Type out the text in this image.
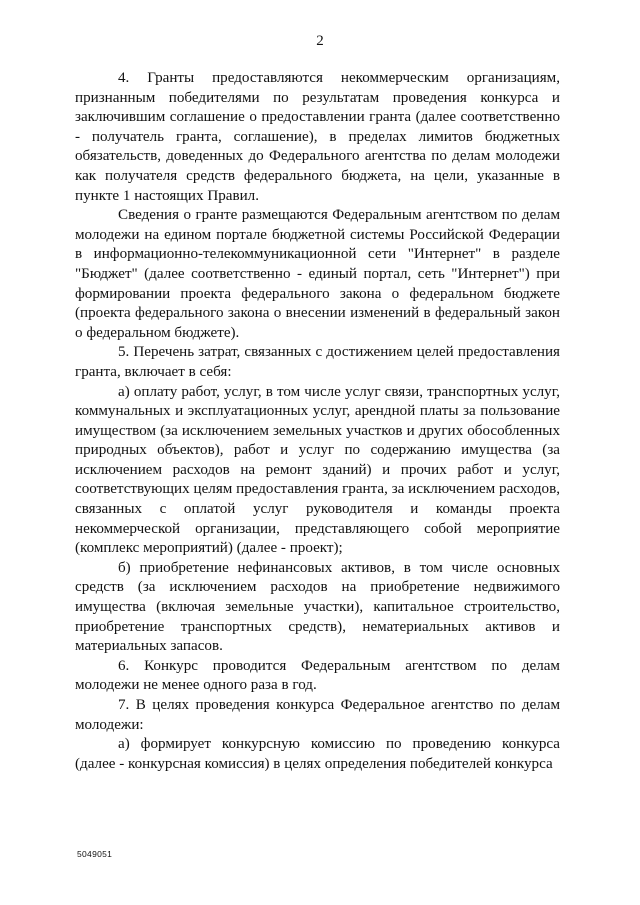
2

4. Гранты предоставляются некоммерческим организациям, признанным победителями по результатам проведения конкурса и заключившим соглашение о предоставлении гранта (далее соответственно - получатель гранта, соглашение), в пределах лимитов бюджетных обязательств, доведенных до Федерального агентства по делам молодежи как получателя средств федерального бюджета, на цели, указанные в пункте 1 настоящих Правил.

Сведения о гранте размещаются Федеральным агентством по делам молодежи на едином портале бюджетной системы Российской Федерации в информационно-телекоммуникационной сети "Интернет" в разделе "Бюджет" (далее соответственно - единый портал, сеть "Интернет") при формировании проекта федерального закона о федеральном бюджете (проекта федерального закона о внесении изменений в федеральный закон о федеральном бюджете).

5. Перечень затрат, связанных с достижением целей предоставления гранта, включает в себя:

а) оплату работ, услуг, в том числе услуг связи, транспортных услуг, коммунальных и эксплуатационных услуг, арендной платы за пользование имуществом (за исключением земельных участков и других обособленных природных объектов), работ и услуг по содержанию имущества (за исключением расходов на ремонт зданий) и прочих работ и услуг, соответствующих целям предоставления гранта, за исключением расходов, связанных с оплатой услуг руководителя и команды проекта некоммерческой организации, представляющего собой мероприятие (комплекс мероприятий) (далее - проект);

б) приобретение нефинансовых активов, в том числе основных средств (за исключением расходов на приобретение недвижимого имущества (включая земельные участки), капитальное строительство, приобретение транспортных средств), нематериальных активов и материальных запасов.

6. Конкурс проводится Федеральным агентством по делам молодежи не менее одного раза в год.

7. В целях проведения конкурса Федеральное агентство по делам молодежи:

а) формирует конкурсную комиссию по проведению конкурса (далее - конкурсная комиссия) в целях определения победителей конкурса

5049051
